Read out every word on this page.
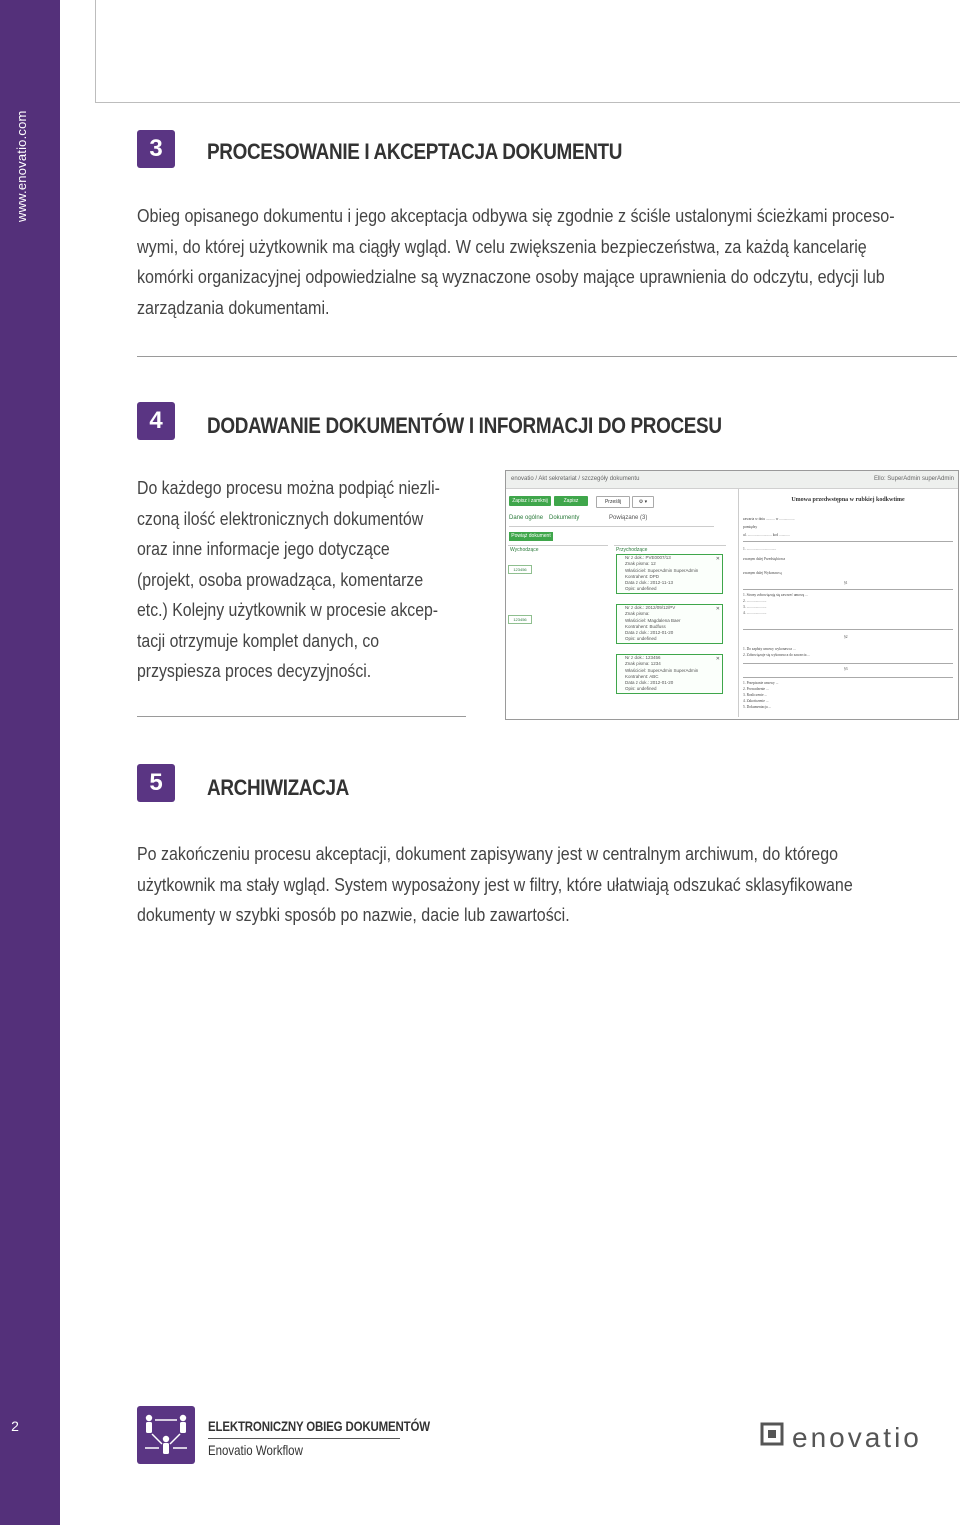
www.enovatio.com
2
3	PROCESOWANIE I AKCEPTACJA DOKUMENTU
Obieg opisanego dokumentu i jego akceptacja odbywa się zgodnie z ściśle ustalonymi ścieżkami proceso-
wymi, do której użytkownik ma ciągły wgląd. W celu zwiększenia bezpieczeństwa, za każdą kancelarię
komórki organizacyjnej odpowiedzialne są wyznaczone osoby mające uprawnienia do odczytu, edycji lub
zarządzania dokumentami.
4	DODAWANIE DOKUMENTÓW I INFORMACJI DO PROCESU
Do każdego procesu można podpiąć niezli-
czoną ilość elektronicznych dokumentów
oraz inne informacje jego dotyczące
(projekt, osoba prowadząca, komentarze
etc.) Kolejny użytkownik w procesie akcep-
tacji otrzymuje komplet danych, co
przyspiesza proces decyzyjności.
enovatio / Akt sekretariat / szczegóły dokumentu	Ello: SuperAdmin superAdmin
Zapisz i zamknij	Zapisz	Prześlij	⚙ ▾
Dane ogólne Dokumenty	Powiązane (3)
Powiąż dokument
Wychodzące
123456
123456
Przychodzące
✕
Nr z dok.: PVE0007/13
Znak pisma: 12
Właściciel: SuperAdmin SuperAdmin
Kontrahent: DPD
Data z dok.: 2012-11-13
Opis: undefined
✕
Nr z dok.: 2012/09/12/PV
Znak pisma:
Właściciel: Magdalena Baer
Kontrahent: Budfuss
Data z dok.: 2012-01-20
Opis: undefined
✕
Nr z dok.: 123456
Znak pisma: 1234
Właściciel: SuperAdmin SuperAdmin
Kontrahent: ABC
Data z dok.: 2012-01-20
Opis: undefined
Umowa przedwstępna w rubkiej kodkwtime
zawarta w dniu .......... w .................
pomiędzy
ul. ........................... kod ............
1. .................................
zwanym dalej Przedsiębiorca
zwanym dalej Wykonawcą
§1
1. Strony zobowiązują się zawrzeć umowę ...
2. ......................
3. ......................
4. ......................
§2
1. Do zapłaty umowy wykonawca ...
2. Zobowiązuje się wykonawca do zawarcia ...
§3
1. Przepisanie umowy ...
2. Prowadzenie ...
3. Rozliczenie ...
4. Zakończenie ...
5. Dokumentacja ...
5	ARCHIWIZACJA
Po zakończeniu procesu akceptacji, dokument zapisywany jest w centralnym archiwum, do którego
użytkownik ma stały wgląd. System wyposażony jest w filtry, które ułatwiają odszukać sklasyfikowane
dokumenty w szybki sposób po nazwie, dacie lub zawartości.
ELEKTRONICZNY OBIEG DOKUMENTÓW
Enovatio Workflow	enovatio
